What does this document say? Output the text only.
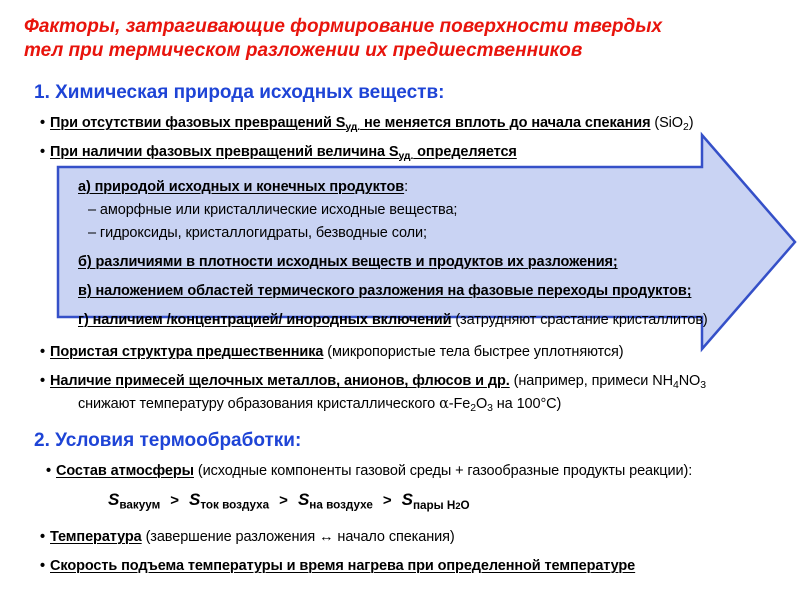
Факторы, затрагивающие формирование поверхности твердых
тел при термическом разложении их предшественников
1. Химическая природа исходных веществ:
• При отсутствии фазовых превращений $S_{уд.}$ не меняется вплоть до начала спекания (SiO$_2$)
• При наличии фазовых превращений величина $S_{уд.}$ определяется
а) природой исходных и конечных продуктов:
– аморфные или кристаллические исходные вещества;
– гидроксиды, кристаллогидраты, безводные соли;
б) различиями в плотности исходных веществ и продуктов их разложения;
в) наложением областей термического разложения на фазовые переходы продуктов;
г) наличием /концентрацией/ инородных включений (затрудняют срастание кристаллитов)
• Пористая структура предшественника (микропористые тела быстрее уплотняются)
• Наличие примесей щелочных металлов, анионов, флюсов и др. (например, примеси $NH_4NO_3$
снижают температуру образования кристаллического $\alpha-Fe_2O_3$ на 100°С)
2. Условия термообработки:
• Состав атмосферы (исходные компоненты газовой среды + газообразные продукты реакции):
$S_{вакуум} > S_{ток воздуха} > S_{на воздухе} > S_{пары H2O}$
• Температура (завершение разложения ↔ начало спекания)
• Скорость подъема температуры и время нагрева при определенной температуре
